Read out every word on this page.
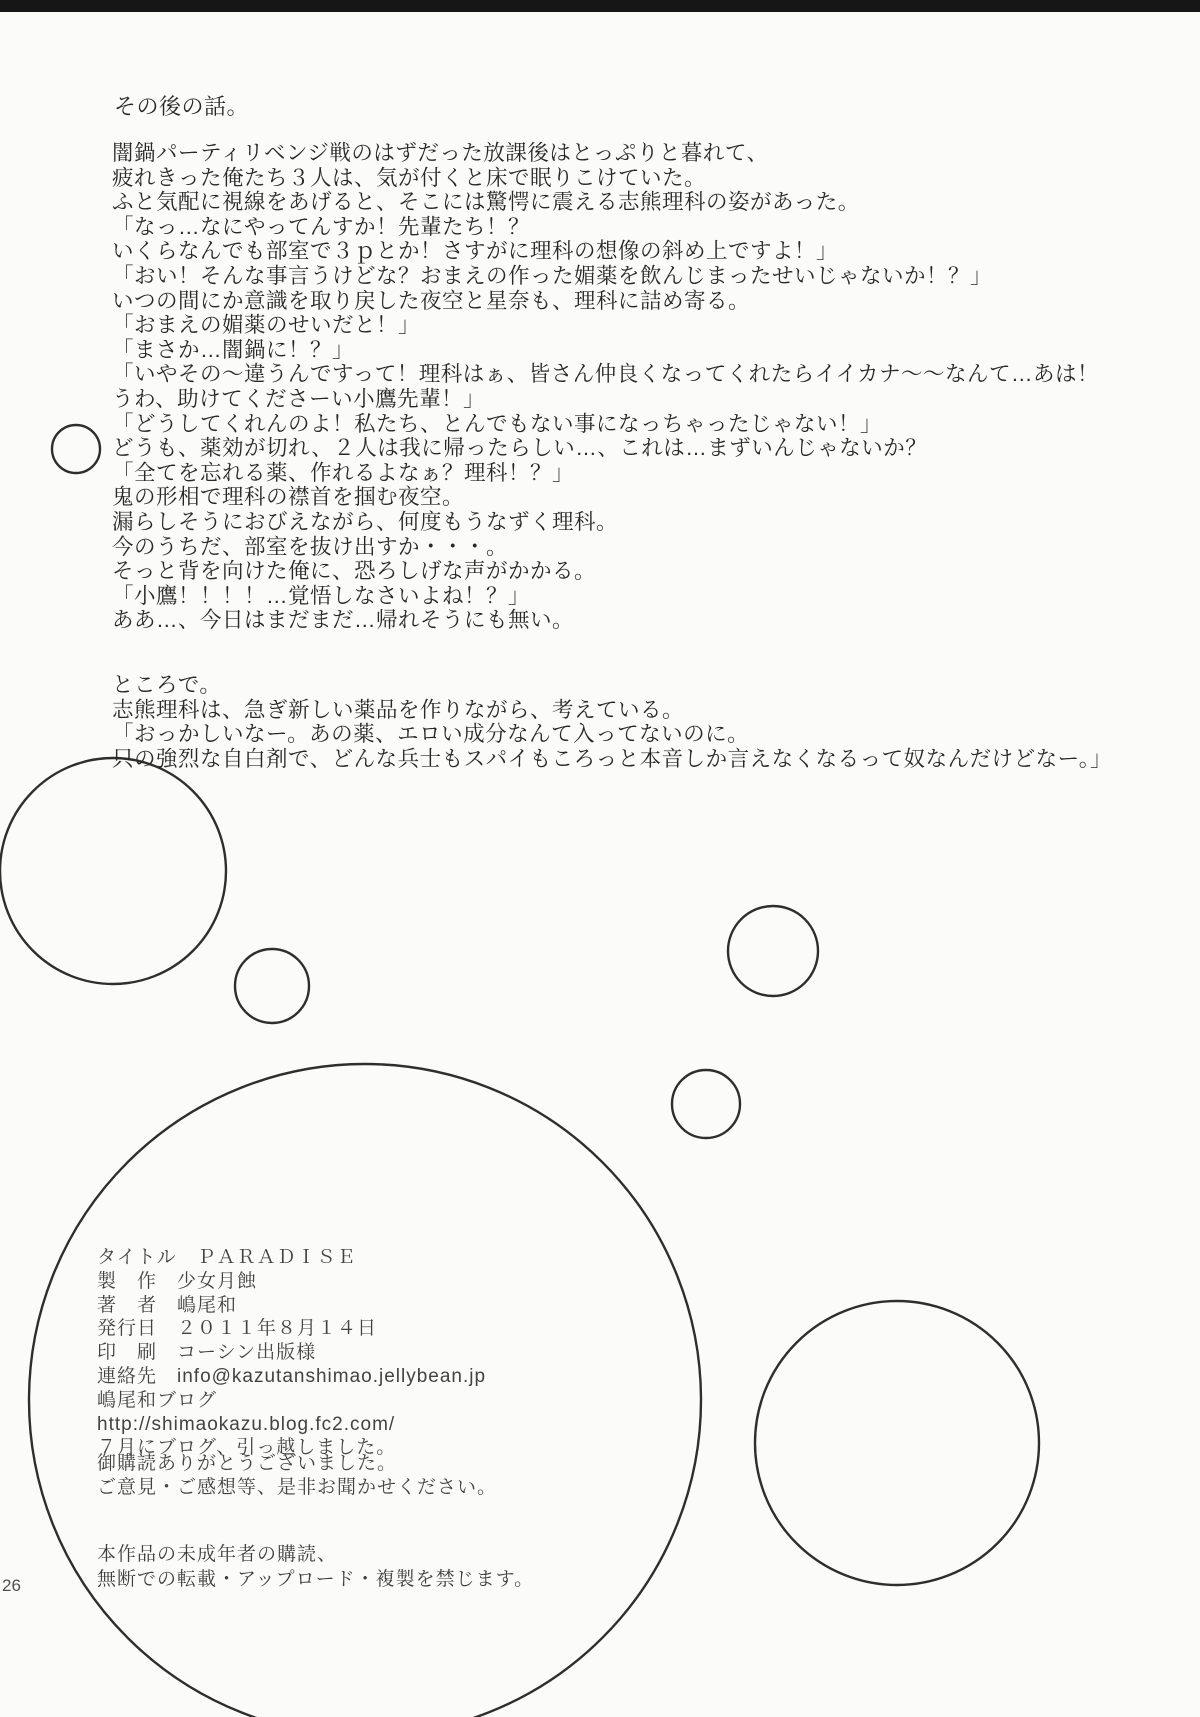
その後の話。
闇鍋パーティリベンジ戦のはずだった放課後はとっぷりと暮れて、
疲れきった俺たち３人は、気が付くと床で眠りこけていた。
ふと気配に視線をあげると、そこには驚愕に震える志熊理科の姿があった。
「なっ…なにやってんすか！先輩たち！？
いくらなんでも部室で３ｐとか！さすがに理科の想像の斜め上ですよ！」
「おい！そんな事言うけどな？おまえの作った媚薬を飲んじまったせいじゃないか！？」
いつの間にか意識を取り戻した夜空と星奈も、理科に詰め寄る。
「おまえの媚薬のせいだと！」
「まさか…闇鍋に！？」
「いやその〜違うんですって！理科はぁ、皆さん仲良くなってくれたらイイカナ〜〜なんて…あは！
うわ、助けてくださーい小鷹先輩！」
「どうしてくれんのよ！私たち、とんでもない事になっちゃったじゃない！」
どうも、薬効が切れ、２人は我に帰ったらしい…、これは…まずいんじゃないか？
「全てを忘れる薬、作れるよなぁ？理科！？」
鬼の形相で理科の襟首を掴む夜空。
漏らしそうにおびえながら、何度もうなずく理科。
今のうちだ、部室を抜け出すか・・・。
そっと背を向けた俺に、恐ろしげな声がかかる。
「小鷹！！！！…覚悟しなさいよね！？」
ああ…、今日はまだまだ…帰れそうにも無い。
ところで。
志熊理科は、急ぎ新しい薬品を作りながら、考えている。
「おっかしいなー。あの薬、エロい成分なんて入ってないのに。
只の強烈な自白剤で、どんな兵士もスパイもころっと本音しか言えなくなるって奴なんだけどなー。」
タイトル　ＰＡＲＡＤＩＳＥ
製　作　少女月蝕
著　者　嶋尾和
発行日　２０１１年８月１４日
印　刷　コーシン出版様
連絡先　info@kazutanshimao.jellybean.jp
嶋尾和ブログ
http://shimaokazu.blog.fc2.com/
７月にブログ、引っ越しました。
御購読ありがとうございました。
ご意見・ご感想等、是非お聞かせください。
本作品の未成年者の購読、
無断での転載・アップロード・複製を禁じます。
26
